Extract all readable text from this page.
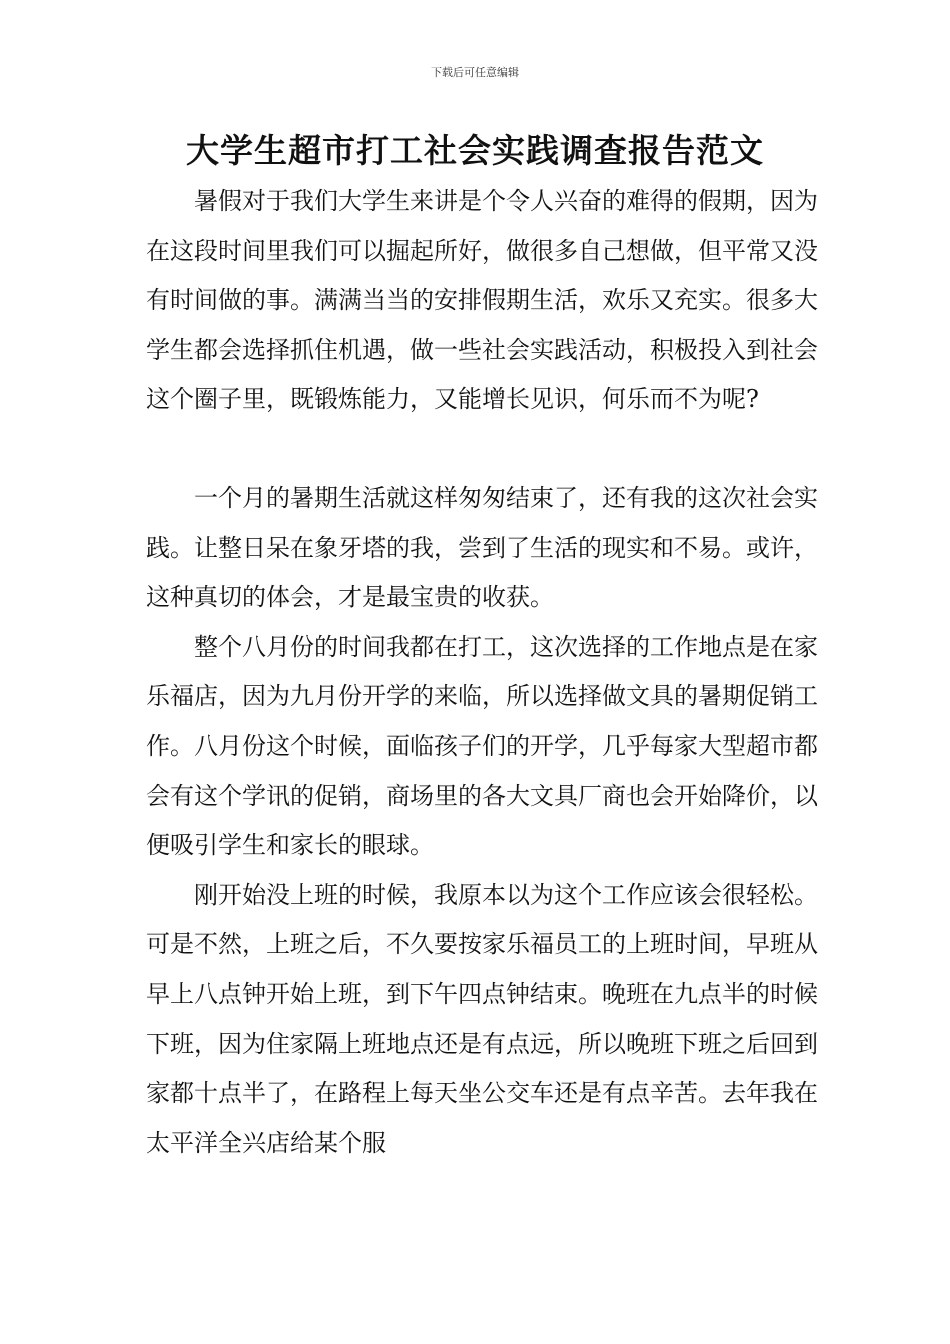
下载后可任意编辑
大学生超市打工社会实践调查报告范文

暑假对于我们大学生来讲是个令人兴奋的难得的假期，因为在这段时间里我们可以掘起所好，做很多自己想做，但平常又没有时间做的事。满满当当的安排假期生活，欢乐又充实。很多大学生都会选择抓住机遇，做一些社会实践活动，积极投入到社会这个圈子里，既锻炼能力，又能增长见识，何乐而不为呢?

一个月的暑期生活就这样匆匆结束了，还有我的这次社会实践。让整日呆在象牙塔的我，尝到了生活的现实和不易。或许，这种真切的体会，才是最宝贵的收获。

整个八月份的时间我都在打工，这次选择的工作地点是在家乐福店，因为九月份开学的来临，所以选择做文具的暑期促销工作。八月份这个时候，面临孩子们的开学，几乎每家大型超市都会有这个学讯的促销，商场里的各大文具厂商也会开始降价，以便吸引学生和家长的眼球。

刚开始没上班的时候，我原本以为这个工作应该会很轻松。可是不然，上班之后，不久要按家乐福员工的上班时间，早班从早上八点钟开始上班，到下午四点钟结束。晚班在九点半的时候下班，因为住家隔上班地点还是有点远，所以晚班下班之后回到家都十点半了，在路程上每天坐公交车还是有点辛苦。去年我在太平洋全兴店给某个服
